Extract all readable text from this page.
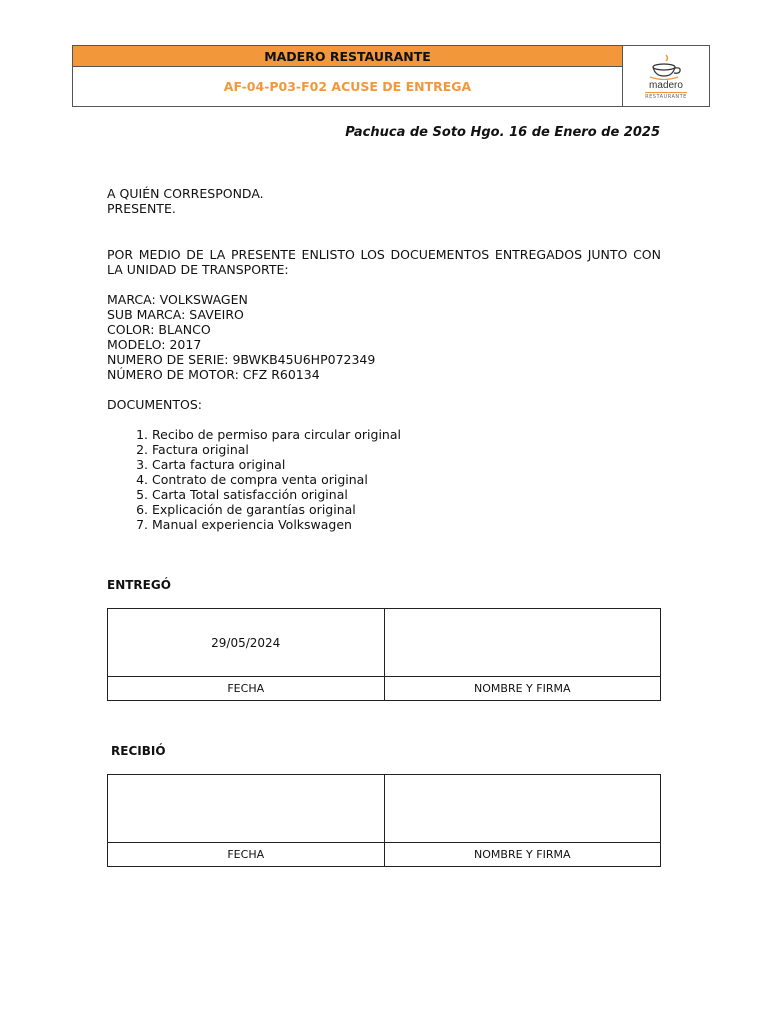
MADERO RESTAURANTE
AF-04-P03-F02 ACUSE DE ENTREGA	madero
RESTAURANTE
Pachuca de Soto Hgo. 16 de Enero de 2025

A QUIÉN CORRESPONDA.

PRESENTE.

POR MEDIO DE LA PRESENTE ENLISTO LOS DOCUEMENTOS ENTREGADOS JUNTO CON LA UNIDAD DE TRANSPORTE:

MARCA: VOLKSWAGEN

SUB MARCA: SAVEIRO

COLOR: BLANCO

MODELO: 2017

NUMERO DE SERIE: 9BWKB45U6HP072349

NÚMERO DE MOTOR: CFZ R60134

DOCUMENTOS:

1. Recibo de permiso para circular original
2. Factura original
3. Carta factura original
4. Contrato de compra venta original
5. Carta Total satisfacción original
6. Explicación de garantías original
7. Manual experiencia Volkswagen
ENTREGÓ
29/05/2024	
FECHA	NOMBRE Y FIRMA
RECIBIÓ

FECHA	NOMBRE Y FIRMA
